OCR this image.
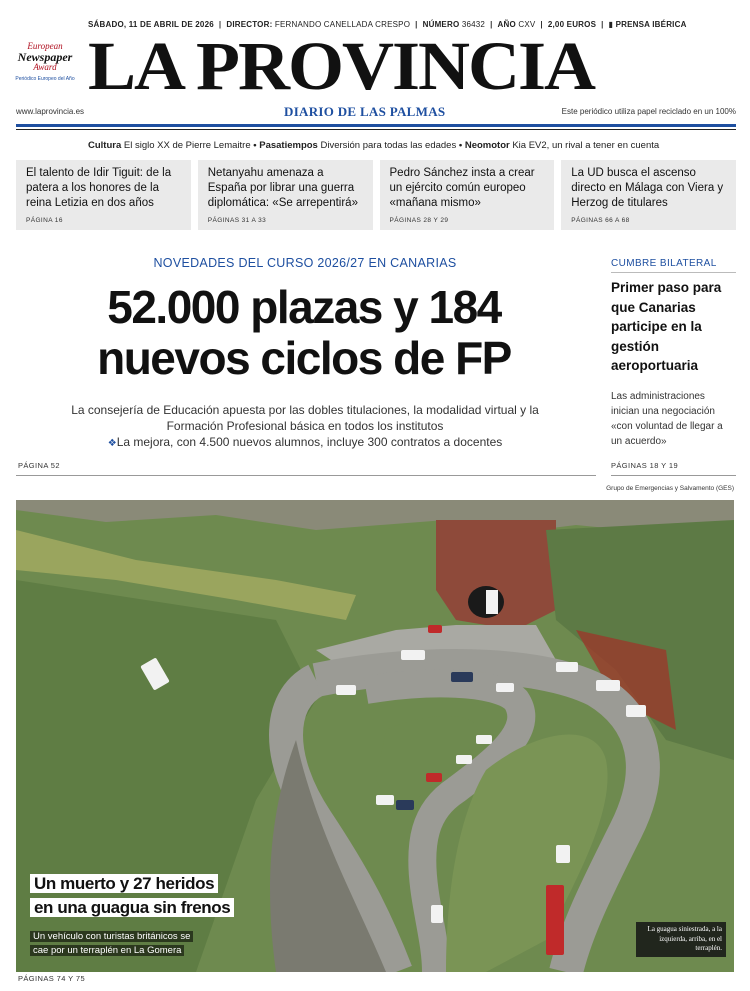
SÁBADO, 11 DE ABRIL DE 2026 | DIRECTOR:
FERNANDO CANELLADA CRESPO | NÚMERO
36432 | AÑO
CXV | 2,00 EUROS | ▮ PRENSA IBÉRICA
European
Newspaper
Award
Periódico Europeo del Año LA PROVINCIA
www.laprovincia.es	DIARIO DE LAS PALMAS	Este periódico utiliza papel reciclado en un 100%
Cultura El siglo XX de Pierre Lemaitre • Pasatiempos Diversión para todas las edades • Neomotor Kia EV2, un rival a tener en cuenta
El talento de Idir Tiguit: de la patera a los honores de la reina Letizia en dos años
PÁGINA 16
Netanyahu amenaza a España por librar una guerra diplomática: «Se arrepentirá»
PÁGINAS 31 A 33
Pedro Sánchez insta a crear un ejército común europeo «mañana mismo»
PÁGINAS 28 Y 29
La UD busca el ascenso directo en Málaga con Viera y Herzog de titulares
PÁGINAS 66 A 68
NOVEDADES DEL CURSO 2026/27 EN CANARIAS
52.000 plazas y 184 nuevos ciclos de FP
La consejería de Educación apuesta por las dobles titulaciones, la modalidad virtual y la Formación Profesional básica en todos los institutos
❖La mejora, con 4.500 nuevos alumnos, incluye 300 contratos a docentes
PÁGINA 52
CUMBRE BILATERAL
Primer paso para que Canarias participe en la gestión aeroportuaria
Las administraciones inician una negociación «con voluntad de llegar a un acuerdo»
PÁGINAS 18 Y 19
Grupo de Emergencias y Salvamento (GES)
Un muerto y 27 heridos
en una guagua sin frenos
Un vehículo con turistas británicos se
cae por un terraplén en La Gomera
La guagua siniestrada, a la izquierda, arriba, en el terraplén.
PÁGINAS 74 Y 75
